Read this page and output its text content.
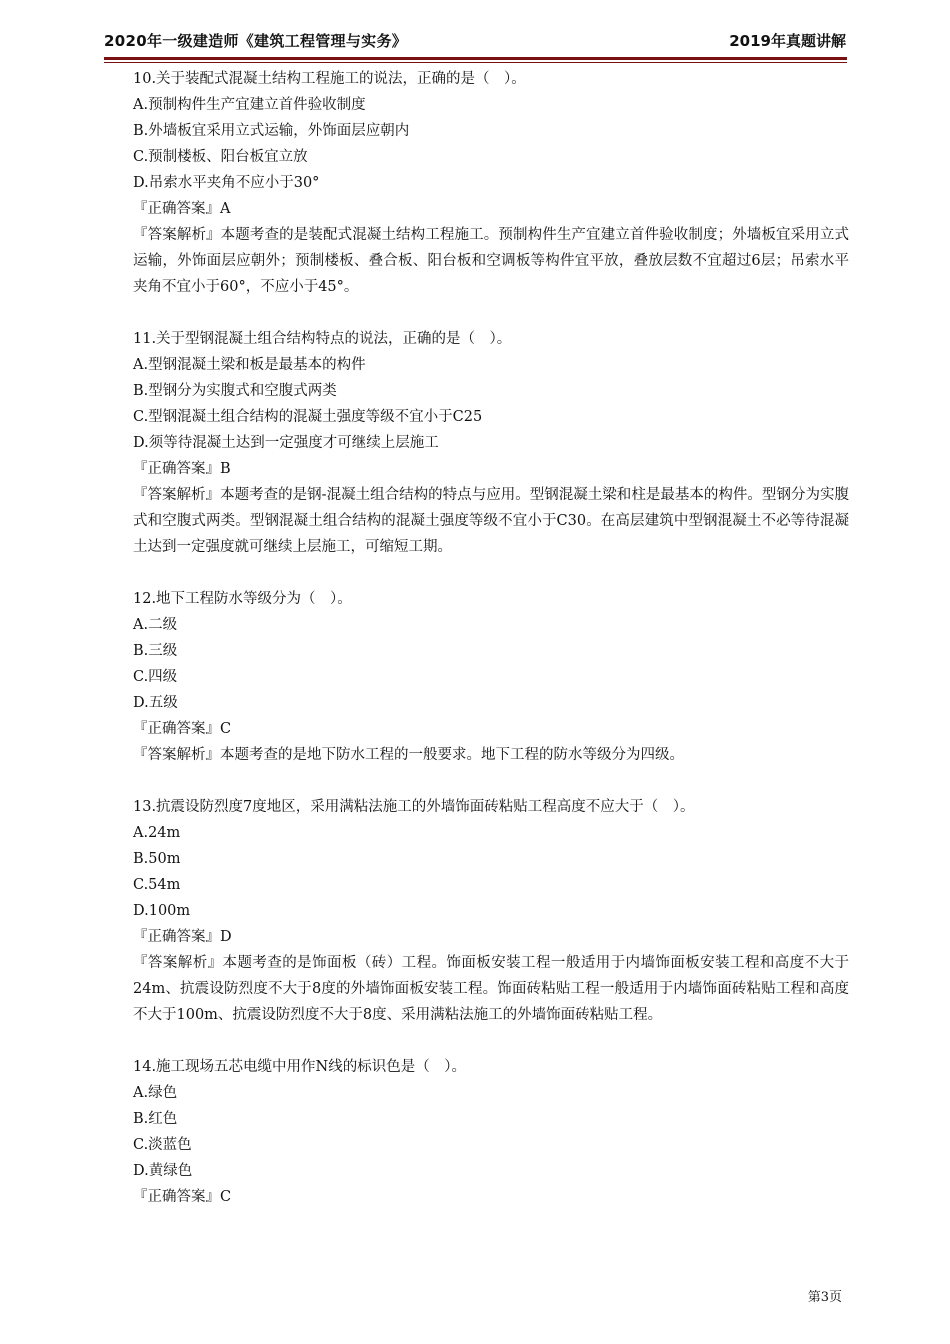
2020年一级建造师《建筑工程管理与实务》	2019年真题讲解
10.关于装配式混凝土结构工程施工的说法，正确的是（　）。
A.预制构件生产宜建立首件验收制度
B.外墙板宜采用立式运输，外饰面层应朝内
C.预制楼板、阳台板宜立放
D.吊索水平夹角不应小于30°
『正确答案』A
『答案解析』本题考查的是装配式混凝土结构工程施工。预制构件生产宜建立首件验收制度；外墙板宜采用立式运输，外饰面层应朝外；预制楼板、叠合板、阳台板和空调板等构件宜平放，叠放层数不宜超过6层；吊索水平夹角不宜小于60°，不应小于45°。
11.关于型钢混凝土组合结构特点的说法，正确的是（　）。
A.型钢混凝土梁和板是最基本的构件
B.型钢分为实腹式和空腹式两类
C.型钢混凝土组合结构的混凝土强度等级不宜小于C25
D.须等待混凝土达到一定强度才可继续上层施工
『正确答案』B
『答案解析』本题考查的是钢-混凝土组合结构的特点与应用。型钢混凝土梁和柱是最基本的构件。型钢分为实腹式和空腹式两类。型钢混凝土组合结构的混凝土强度等级不宜小于C30。在高层建筑中型钢混凝土不必等待混凝土达到一定强度就可继续上层施工，可缩短工期。
12.地下工程防水等级分为（　）。
A.二级
B.三级
C.四级
D.五级
『正确答案』C
『答案解析』本题考查的是地下防水工程的一般要求。地下工程的防水等级分为四级。
13.抗震设防烈度7度地区，采用满粘法施工的外墙饰面砖粘贴工程高度不应大于（　）。
A.24m
B.50m
C.54m
D.100m
『正确答案』D
『答案解析』本题考查的是饰面板（砖）工程。饰面板安装工程一般适用于内墙饰面板安装工程和高度不大于24m、抗震设防烈度不大于8度的外墙饰面板安装工程。饰面砖粘贴工程一般适用于内墙饰面砖粘贴工程和高度不大于100m、抗震设防烈度不大于8度、采用满粘法施工的外墙饰面砖粘贴工程。
14.施工现场五芯电缆中用作N线的标识色是（　）。
A.绿色
B.红色
C.淡蓝色
D.黄绿色
『正确答案』C
第3页
